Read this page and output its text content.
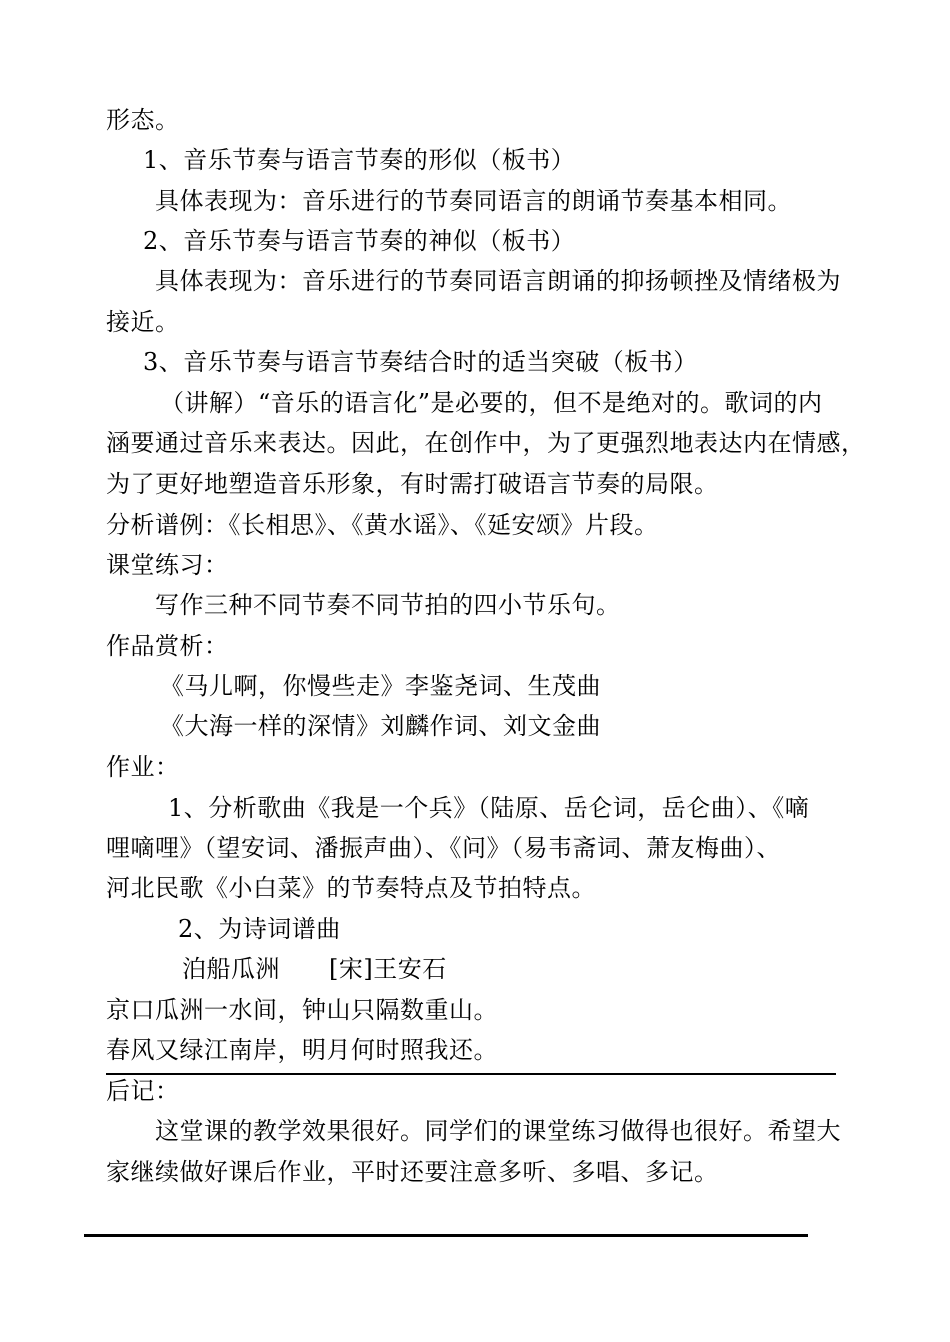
形态。
1、音乐节奏与语言节奏的形似（板书）
具体表现为：音乐进行的节奏同语言的朗诵节奏基本相同。
2、音乐节奏与语言节奏的神似（板书）
具体表现为：音乐进行的节奏同语言朗诵的抑扬顿挫及情绪极为
接近。
3、音乐节奏与语言节奏结合时的适当突破（板书）
（讲解）“音乐的语言化”是必要的，但不是绝对的。歌词的内
涵要通过音乐来表达。因此，在创作中，为了更强烈地表达内在情感，
为了更好地塑造音乐形象，有时需打破语言节奏的局限。
分析谱例：《长相思》、《黄水谣》、《延安颂》片段。
课堂练习：
写作三种不同节奏不同节拍的四小节乐句。
作品赏析：
《马儿啊，你慢些走》李鉴尧词、生茂曲
《大海一样的深情》刘麟作词、刘文金曲
作业：
1、分析歌曲《我是一个兵》（陆原、岳仑词，岳仑曲）、《嘀
哩嘀哩》（望安词、潘振声曲）、《问》（易韦斋词、萧友梅曲）、
河北民歌《小白菜》的节奏特点及节拍特点。
2、为诗词谱曲
泊船瓜洲　　[宋]王安石
京口瓜洲一水间，钟山只隔数重山。
春风又绿江南岸，明月何时照我还。
后记：
这堂课的教学效果很好。同学们的课堂练习做得也很好。希望大
家继续做好课后作业，平时还要注意多听、多唱、多记。
